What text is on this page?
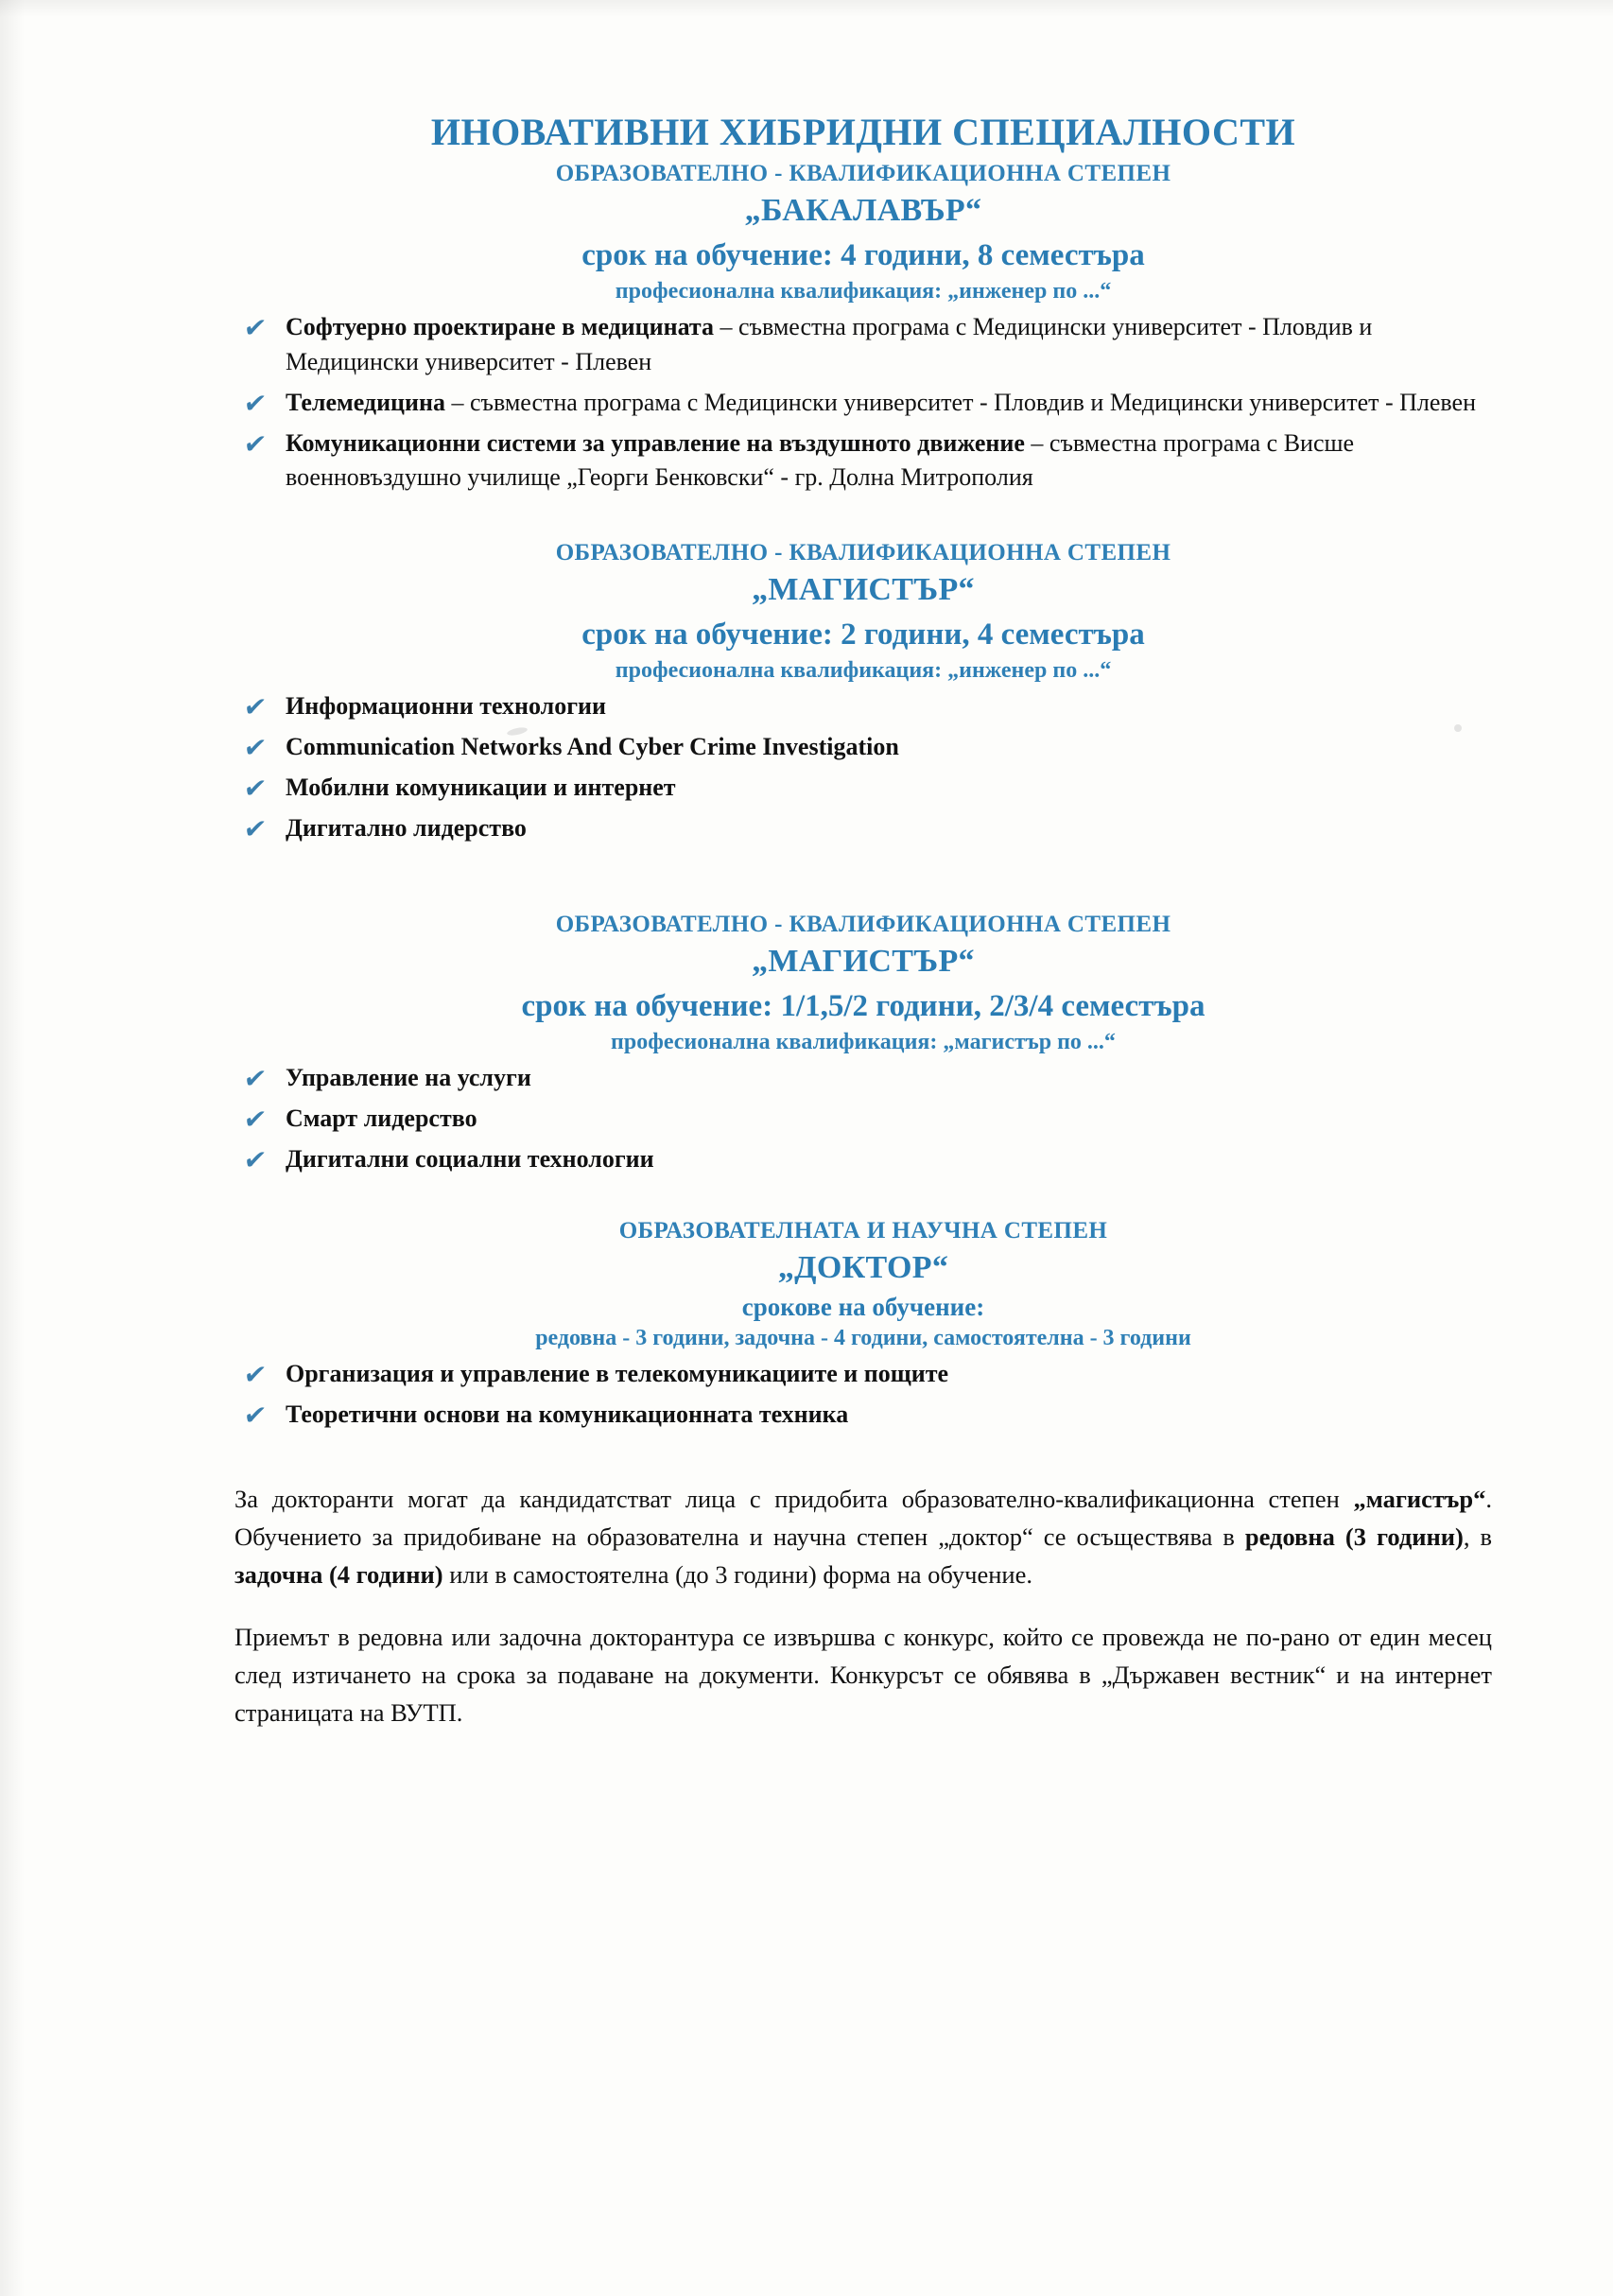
ИНОВАТИВНИ ХИБРИДНИ СПЕЦИАЛНОСТИ
ОБРАЗОВАТЕЛНО - КВАЛИФИКАЦИОННА СТЕПЕН
„БАКАЛАВЪР“
срок на обучение: 4 години, 8 семестъра
професионална квалификация: „инженер по ...“
✔ Софтуерно проектиране в медицината – съвместна програма с Медицински университет - Пловдив и Медицински университет - Плевен
✔ Телемедицина – съвместна програма с Медицински университет - Пловдив и Медицински университет - Плевен
✔ Комуникационни системи за управление на въздушното движение – съвместна програма с Висше военновъздушно училище „Георги Бенковски“ - гр. Долна Митрополия
ОБРАЗОВАТЕЛНО - КВАЛИФИКАЦИОННА СТЕПЕН
„МАГИСТЪР“
срок на обучение: 2 години, 4 семестъра
професионална квалификация: „инженер по ...“
✔ Информационни технологии
✔ Communication Networks And Cyber Crime Investigation
✔ Мобилни комуникации и интернет
✔ Дигитално лидерство
ОБРАЗОВАТЕЛНО - КВАЛИФИКАЦИОННА СТЕПЕН
„МАГИСТЪР“
срок на обучение: 1/1,5/2 години, 2/3/4 семестъра
професионална квалификация: „магистър по ...“
✔ Управление на услуги
✔ Смарт лидерство
✔ Дигитални социални технологии
ОБРАЗОВАТЕЛНАТА И НАУЧНА СТЕПЕН
„ДОКТОР“
срокове на обучение:
редовна - 3 години, задочна - 4 години, самостоятелна - 3 години
✔ Организация и управление в телекомуникациите и пощите
✔ Теоретични основи на комуникационната техника

За докторанти могат да кандидатстват лица с придобита образователно-квалификационна степен „магистър“. Обучението за придобиване на образователна и научна степен „доктор“ се осъществява в редовна (3 години), в задочна (4 години) или в самостоятелна (до 3 години) форма на обучение.

Приемът в редовна или задочна докторантура се извършва с конкурс, който се провежда не по-рано от един месец след изтичането на срока за подаване на документи. Конкурсът се обявява в „Държавен вестник“ и на интернет страницата на ВУТП.
